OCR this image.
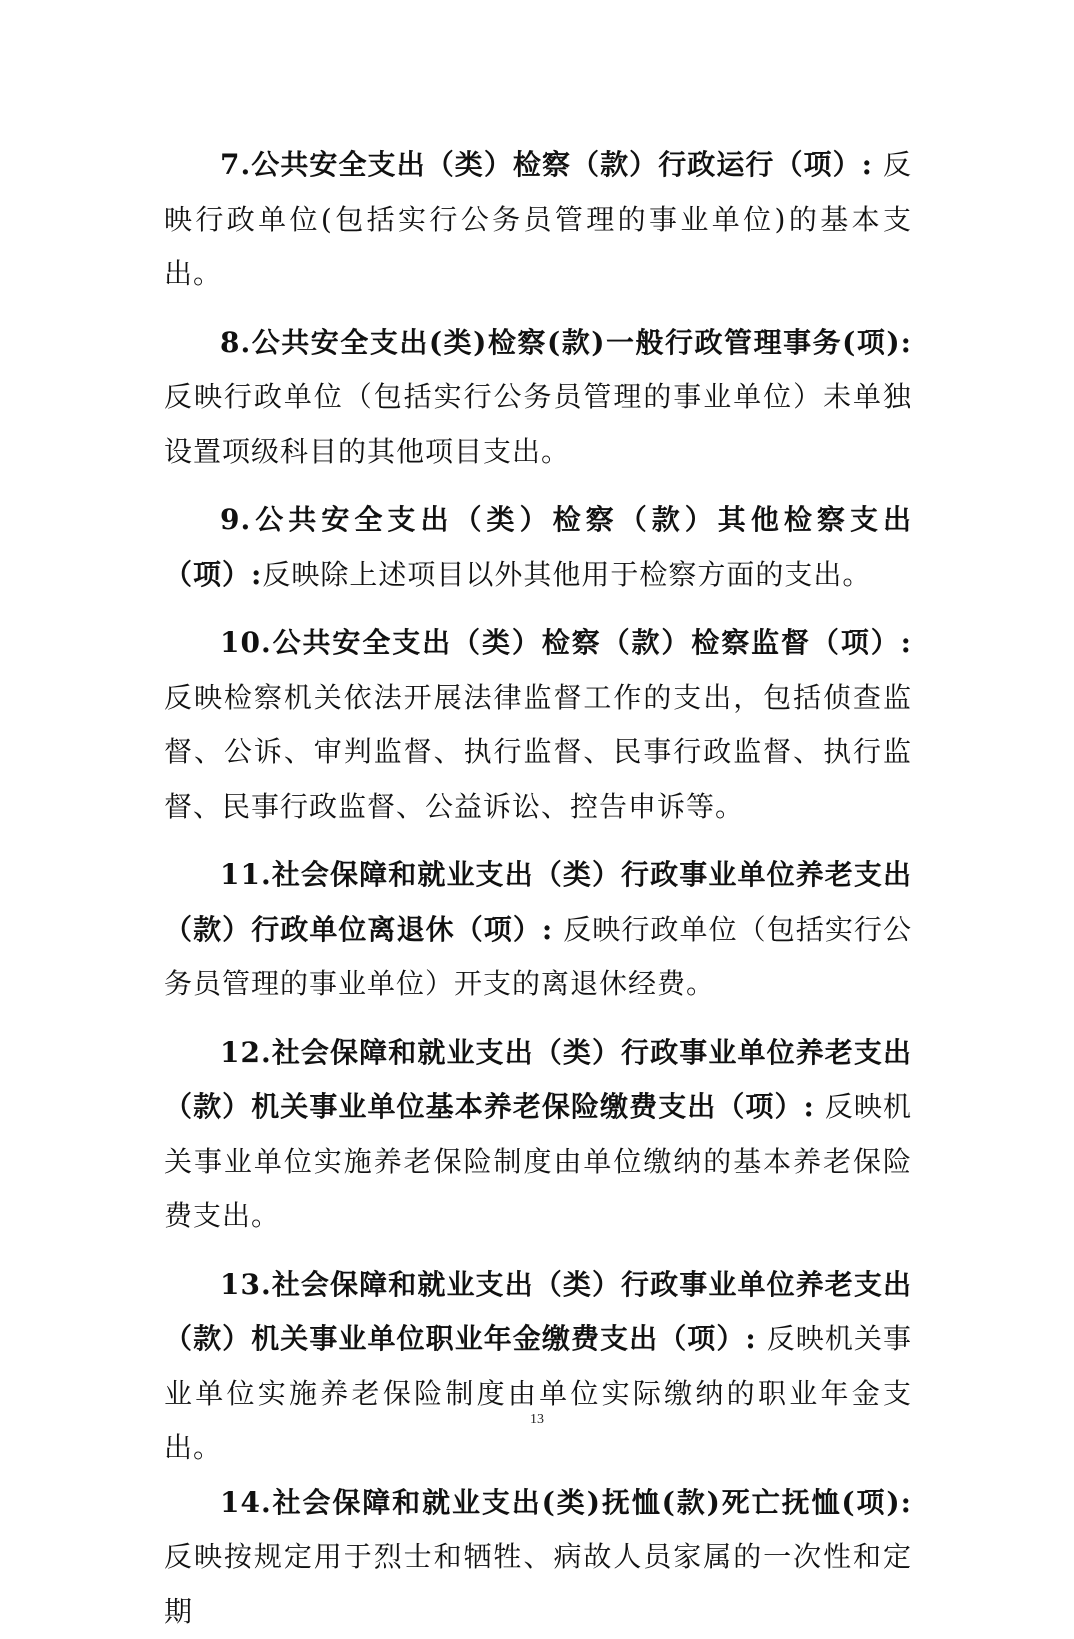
7.公共安全支出（类）检察（款）行政运行（项）: 反映行政单位(包括实行公务员管理的事业单位)的基本支出。

8.公共安全支出(类)检察(款)一般行政管理事务(项):反映行政单位（包括实行公务员管理的事业单位）未单独设置项级科目的其他项目支出。

9.公共安全支出（类）检察（款）其他检察支出（项）:反映除上述项目以外其他用于检察方面的支出。

10.公共安全支出（类）检察（款）检察监督（项）: 反映检察机关依法开展法律监督工作的支出，包括侦查监督、公诉、审判监督、执行监督、民事行政监督、执行监督、民事行政监督、公益诉讼、控告申诉等。

11.社会保障和就业支出（类）行政事业单位养老支出（款）行政单位离退休（项）: 反映行政单位（包括实行公务员管理的事业单位）开支的离退休经费。

12.社会保障和就业支出（类）行政事业单位养老支出（款）机关事业单位基本养老保险缴费支出（项）: 反映机关事业单位实施养老保险制度由单位缴纳的基本养老保险费支出。

13.社会保障和就业支出（类）行政事业单位养老支出（款）机关事业单位职业年金缴费支出（项）: 反映机关事业单位实施养老保险制度由单位实际缴纳的职业年金支出。

14.社会保障和就业支出(类)抚恤(款)死亡抚恤(项):反映按规定用于烈士和牺牲、病故人员家属的一次性和定期

13
